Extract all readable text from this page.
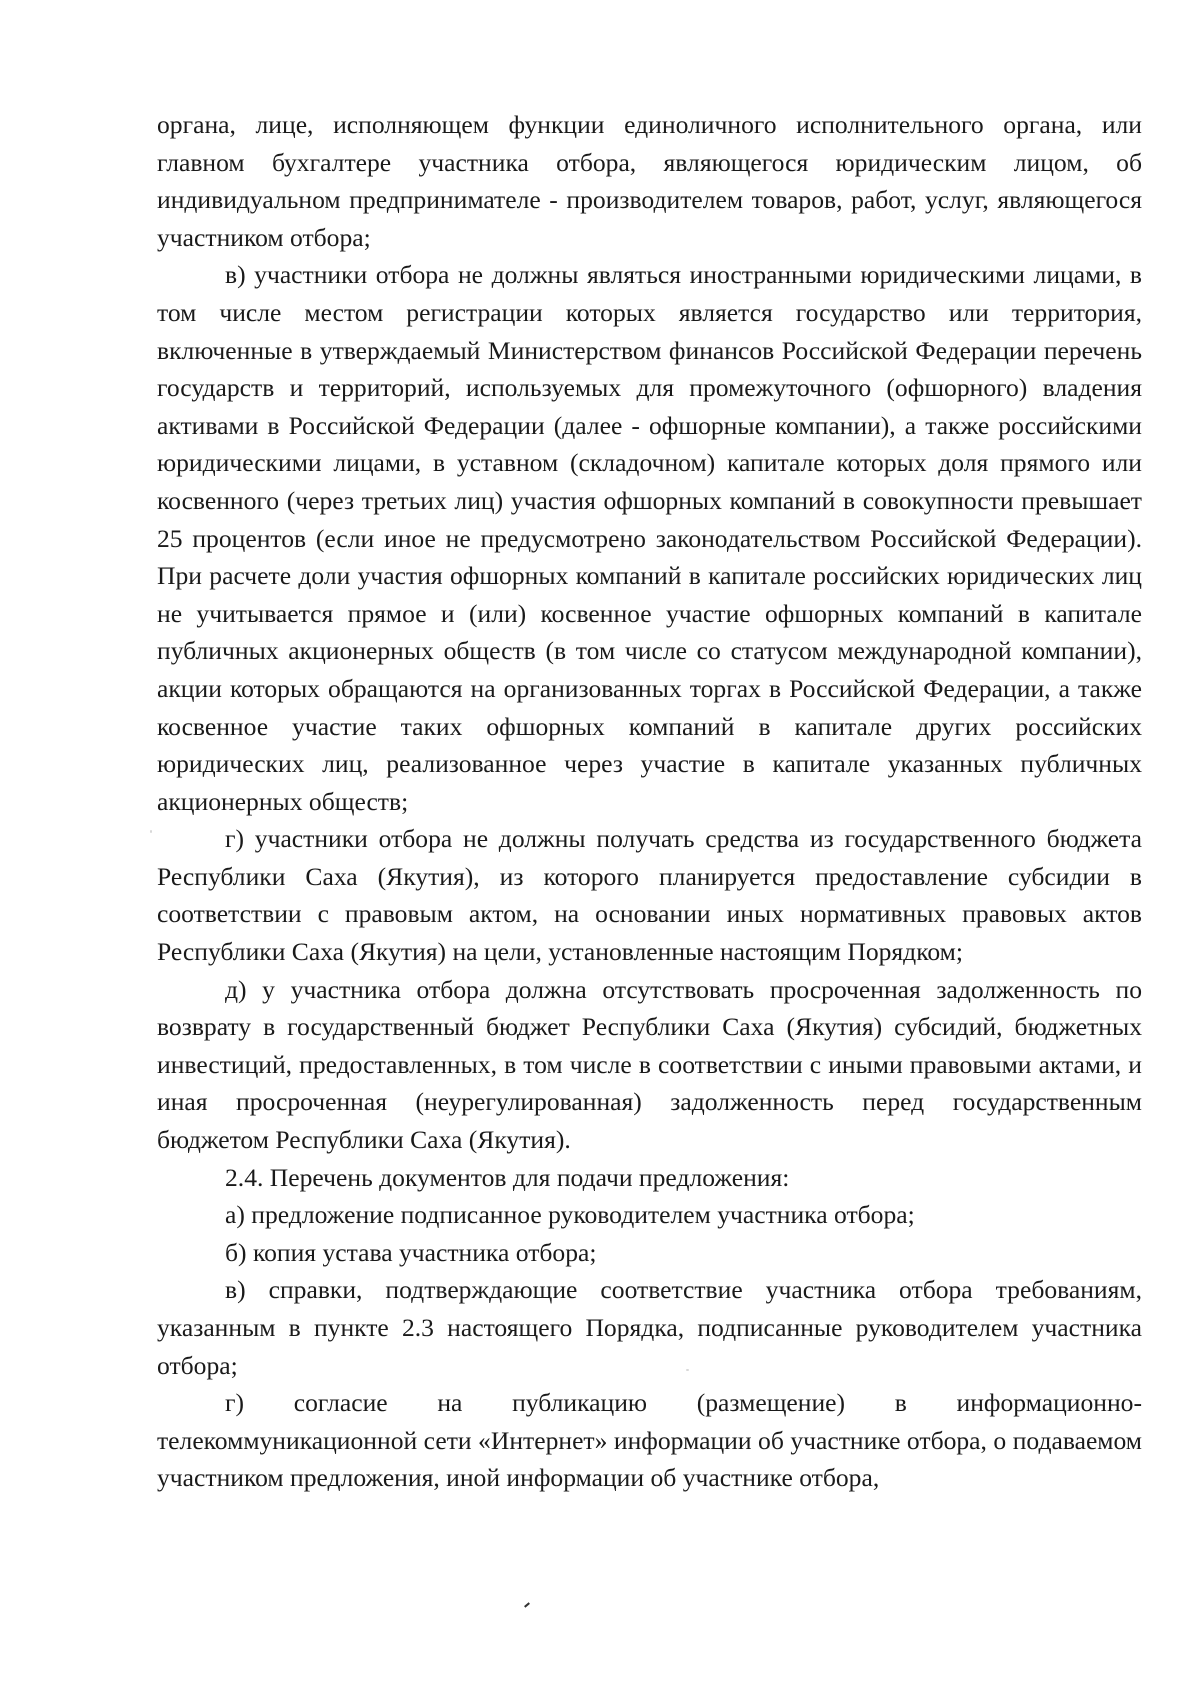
органа, лице, исполняющем функции единоличного исполнительного органа, или главном бухгалтере участника отбора, являющегося юридическим лицом, об индивидуальном предпринимателе - производителем товаров, работ, услуг, являющегося участником отбора;

в) участники отбора не должны являться иностранными юридическими лицами, в том числе местом регистрации которых является государство или территория, включенные в утверждаемый Министерством финансов Российской Федерации перечень государств и территорий, используемых для промежуточного (офшорного) владения активами в Российской Федерации (далее - офшорные компании), а также российскими юридическими лицами, в уставном (складочном) капитале которых доля прямого или косвенного (через третьих лиц) участия офшорных компаний в совокупности превышает 25 процентов (если иное не предусмотрено законодательством Российской Федерации). При расчете доли участия офшорных компаний в капитале российских юридических лиц не учитывается прямое и (или) косвенное участие офшорных компаний в капитале публичных акционерных обществ (в том числе со статусом международной компании), акции которых обращаются на организованных торгах в Российской Федерации, а также косвенное участие таких офшорных компаний в капитале других российских юридических лиц, реализованное через участие в капитале указанных публичных акционерных обществ;

г) участники отбора не должны получать средства из государственного бюджета Республики Саха (Якутия), из которого планируется предоставление субсидии в соответствии с правовым актом, на основании иных нормативных правовых актов Республики Саха (Якутия) на цели, установленные настоящим Порядком;

д) у участника отбора должна отсутствовать просроченная задолженность по возврату в государственный бюджет Республики Саха (Якутия) субсидий, бюджетных инвестиций, предоставленных, в том числе в соответствии с иными правовыми актами, и иная просроченная (неурегулированная) задолженность перед государственным бюджетом Республики Саха (Якутия).

2.4. Перечень документов для подачи предложения:

а) предложение подписанное руководителем участника отбора;

б) копия устава участника отбора;

в) справки, подтверждающие соответствие участника отбора требованиям, указанным в пункте 2.3 настоящего Порядка, подписанные руководителем участника отбора;

г) согласие на публикацию (размещение) в информационно-телекоммуникационной сети «Интернет» информации об участнике отбора, о подаваемом участником предложения, иной информации об участнике отбора,
